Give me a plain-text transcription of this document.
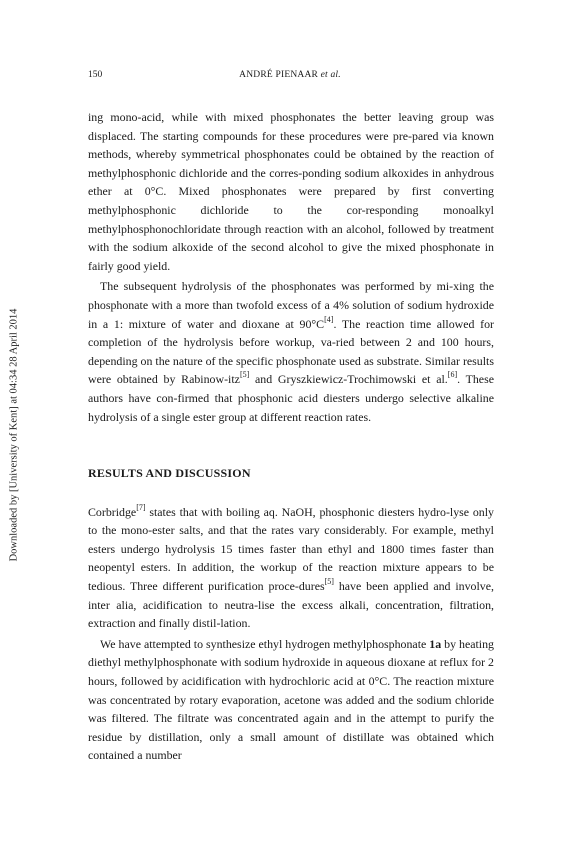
150	ANDRÉ PIENAAR et al.
Downloaded by [University of Kent] at 04:34 28 April 2014

ing mono-acid, while with mixed phosphonates the better leaving group was displaced. The starting compounds for these procedures were pre-pared via known methods, whereby symmetrical phosphonates could be obtained by the reaction of methylphosphonic dichloride and the corres-ponding sodium alkoxides in anhydrous ether at 0°C. Mixed phosphonates were prepared by first converting methylphosphonic dichloride to the cor-responding monoalkyl methylphosphonochloridate through reaction with an alcohol, followed by treatment with the sodium alkoxide of the second alcohol to give the mixed phosphonate in fairly good yield.

The subsequent hydrolysis of the phosphonates was performed by mi-xing the phosphonate with a more than twofold excess of a 4% solution of sodium hydroxide in a 1: mixture of water and dioxane at 90°C[4]. The reaction time allowed for completion of the hydrolysis before workup, va-ried between 2 and 100 hours, depending on the nature of the specific phosphonate used as substrate. Similar results were obtained by Rabinow-itz[5] and Gryszkiewicz-Trochimowski et al.[6]. These authors have con-firmed that phosphonic acid diesters undergo selective alkaline hydrolysis of a single ester group at different reaction rates.

RESULTS AND DISCUSSION

Corbridge[7] states that with boiling aq. NaOH, phosphonic diesters hydro-lyse only to the mono-ester salts, and that the rates vary considerably. For example, methyl esters undergo hydrolysis 15 times faster than ethyl and 1800 times faster than neopentyl esters. In addition, the workup of the reaction mixture appears to be tedious. Three different purification proce-dures[5] have been applied and involve, inter alia, acidification to neutra-lise the excess alkali, concentration, filtration, extraction and finally distil-lation.

We have attempted to synthesize ethyl hydrogen methylphosphonate 1a by heating diethyl methylphosphonate with sodium hydroxide in aqueous dioxane at reflux for 2 hours, followed by acidification with hydrochloric acid at 0°C. The reaction mixture was concentrated by rotary evaporation, acetone was added and the sodium chloride was filtered. The filtrate was concentrated again and in the attempt to purify the residue by distillation, only a small amount of distillate was obtained which contained a number
